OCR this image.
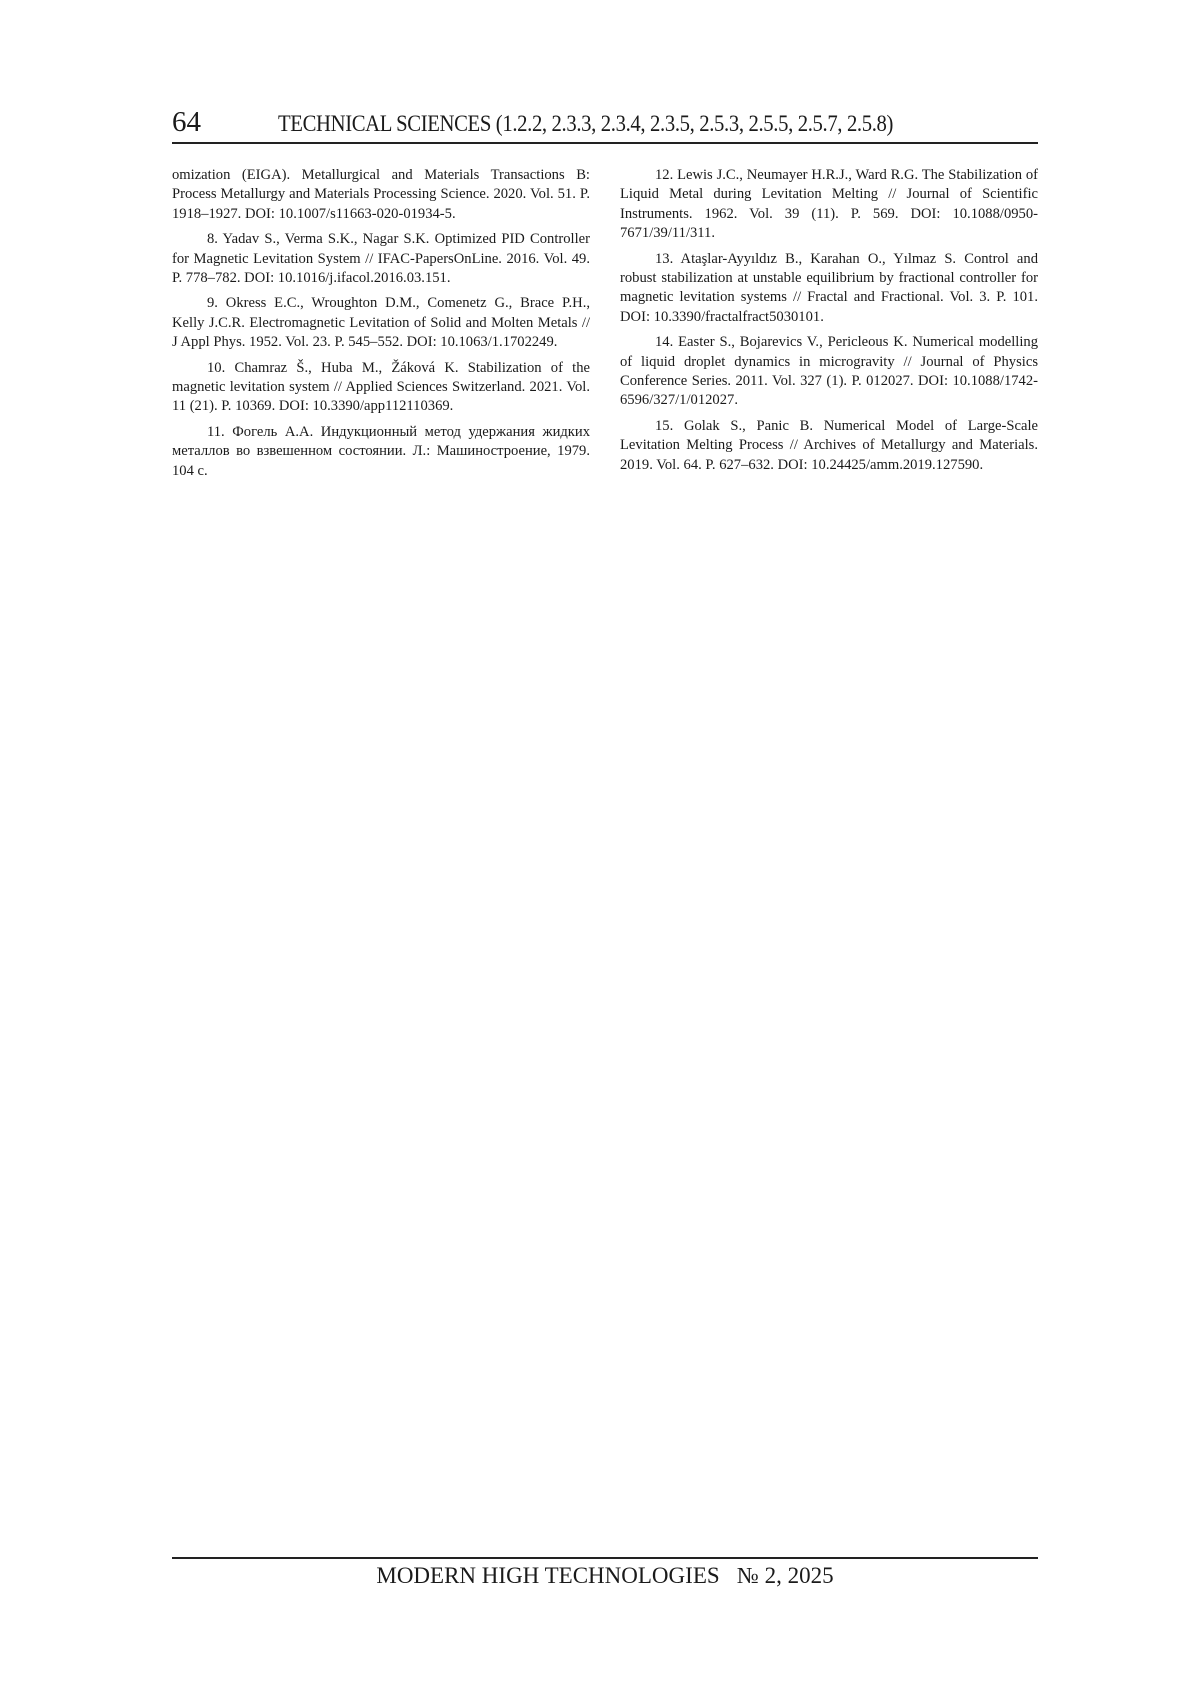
64	TECHNICAL SCIENCES (1.2.2, 2.3.3, 2.3.4, 2.3.5, 2.5.3, 2.5.5, 2.5.7, 2.5.8)

omization (EIGA). Metallurgical and Materials Transactions B: Process Metallurgy and Materials Processing Science. 2020. Vol. 51. P. 1918–1927. DOI: 10.1007/s11663-020-01934-5.

8. Yadav S., Verma S.K., Nagar S.K. Optimized PID Controller for Magnetic Levitation System // IFAC-PapersOnLine. 2016. Vol. 49. P. 778–782. DOI: 10.1016/j.ifacol.2016.03.151.

9. Okress E.C., Wroughton D.M., Comenetz G., Brace P.H., Kelly J.C.R. Electromagnetic Levitation of Solid and Molten Metals // J Appl Phys. 1952. Vol. 23. P. 545–552. DOI: 10.1063/1.1702249.

10. Chamraz Š., Huba M., Žáková K. Stabilization of the magnetic levitation system // Applied Sciences Switzerland. 2021. Vol. 11 (21). P. 10369. DOI: 10.3390/app112110369.

11. Фогель А.А. Индукционный метод удержания жидких металлов во взвешенном состоянии. Л.: Машиностроение, 1979. 104 с.

12. Lewis J.C., Neumayer H.R.J., Ward R.G. The Stabilization of Liquid Metal during Levitation Melting // Journal of Scientific Instruments. 1962. Vol. 39 (11). P. 569. DOI: 10.1088/0950-7671/39/11/311.

13. Ataşlar-Ayyıldız B., Karahan O., Yılmaz S. Control and robust stabilization at unstable equilibrium by fractional controller for magnetic levitation systems // Fractal and Fractional. Vol. 3. P. 101. DOI: 10.3390/fractalfract5030101.

14. Easter S., Bojarevics V., Pericleous K. Numerical modelling of liquid droplet dynamics in microgravity // Journal of Physics Conference Series. 2011. Vol. 327 (1). P. 012027. DOI: 10.1088/1742-6596/327/1/012027.

15. Golak S., Panic B. Numerical Model of Large-Scale Levitation Melting Process // Archives of Metallurgy and Materials. 2019. Vol. 64. P. 627–632. DOI: 10.24425/amm.2019.127590.

MODERN HIGH TECHNOLOGIES № 2, 2025
